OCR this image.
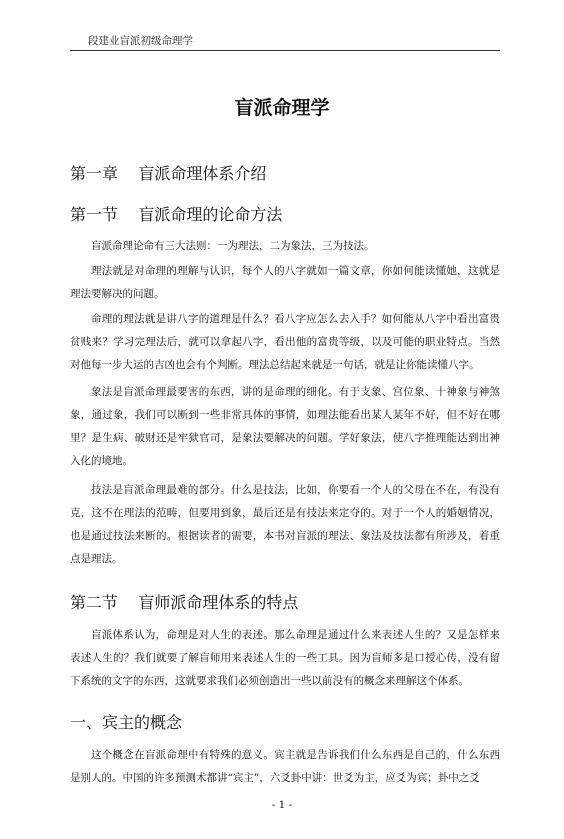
段建业盲派初级命理学
盲派命理学
第一章    盲派命理体系介绍
第一节    盲派命理的论命方法

盲派命理论命有三大法则：一为理法，二为象法，三为技法。

理法就是对命理的理解与认识，每个人的八字就如一篇文章，你如何能读懂她，这就是理法要解决的问题。

命理的理法就是讲八字的道理是什么？看八字应怎么去入手？如何能从八字中看出富贵贫贱来？学习完理法后，就可以拿起八字，看出他的富贵等级，以及可能的职业特点。当然对他每一步大运的吉凶也会有个判断。理法总结起来就是一句话，就是让你能读懂八字。

象法是盲派命理最要害的东西，讲的是命理的细化。有于支象、宫位象、十神象与神煞象，通过象，我们可以断到一些非常具体的事情，如理法能看出某人某年不好，但不好在哪里？是生病、破财还是牢狱官司，是象法要解决的问题。学好象法，使八字推理能达到出神入化的境地。

技法是盲派命理最难的部分。什么是技法，比如，你要看一个人的父母在不在，有没有克，这不在理法的范畴，但要用到象，最后还是有技法来定夺的。对于一个人的婚姻情况，也是通过技法来断的。根据读者的需要，本书对盲派的理法、象法及技法都有所涉及，着重点是理法。

第二节    盲师派命理体系的特点

盲派体系认为，命理是对人生的表述。那么命理是通过什么来表述人生的？又是怎样来表述人生的？我们就要了解盲师用来表述人生的一些工具。因为盲师多是口授心传，没有留下系统的文字的东西，这就要求我们必须创造出一些以前没有的概念来理解这个体系。

一、宾主的概念

这个概念在盲派命理中有特殊的意义。宾主就是告诉我们什么东西是自己的，什么东西是别人的。中国的许多预测术都讲“宾主”，六爻卦中讲：世爻为主，应爻为宾；卦中之爻

- 1 -
